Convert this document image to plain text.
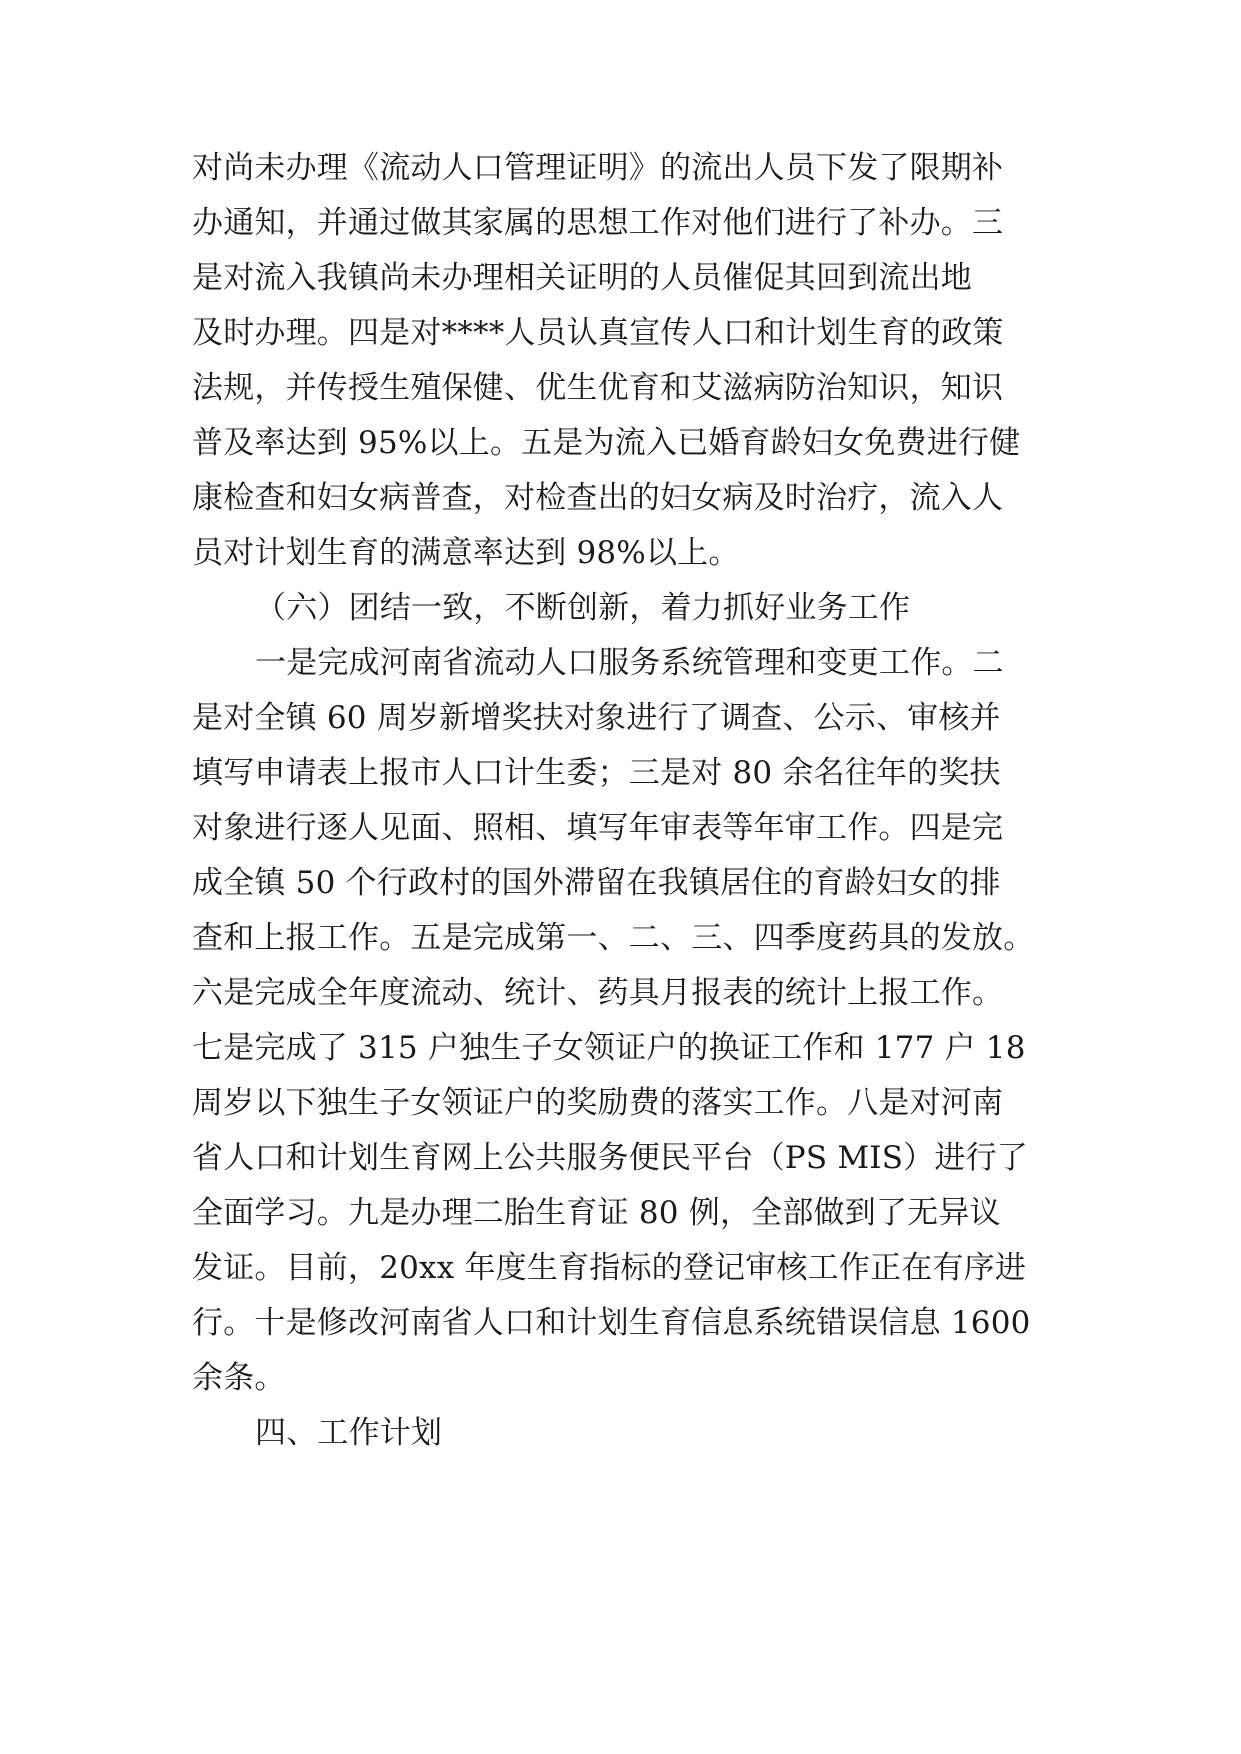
对尚未办理《流动人口管理证明》的流出人员下发了限期补
办通知，并通过做其家属的思想工作对他们进行了补办。三
是对流入我镇尚未办理相关证明的人员催促其回到流出地
及时办理。四是对****人员认真宣传人口和计划生育的政策
法规，并传授生殖保健、优生优育和艾滋病防治知识，知识
普及率达到 95%以上。五是为流入已婚育龄妇女免费进行健
康检查和妇女病普查，对检查出的妇女病及时治疗，流入人
员对计划生育的满意率达到 98%以上。
（六）团结一致，不断创新，着力抓好业务工作
一是完成河南省流动人口服务系统管理和变更工作。二
是对全镇 60 周岁新增奖扶对象进行了调查、公示、审核并
填写申请表上报市人口计生委；三是对 80 余名往年的奖扶
对象进行逐人见面、照相、填写年审表等年审工作。四是完
成全镇 50 个行政村的国外滞留在我镇居住的育龄妇女的排
查和上报工作。五是完成第一、二、三、四季度药具的发放。
六是完成全年度流动、统计、药具月报表的统计上报工作。
七是完成了 315 户独生子女领证户的换证工作和 177 户 18
周岁以下独生子女领证户的奖励费的落实工作。八是对河南
省人口和计划生育网上公共服务便民平台（PS MIS）进行了
全面学习。九是办理二胎生育证 80 例，全部做到了无异议
发证。目前，20xx 年度生育指标的登记审核工作正在有序进
行。十是修改河南省人口和计划生育信息系统错误信息 1600
余条。
四、工作计划
